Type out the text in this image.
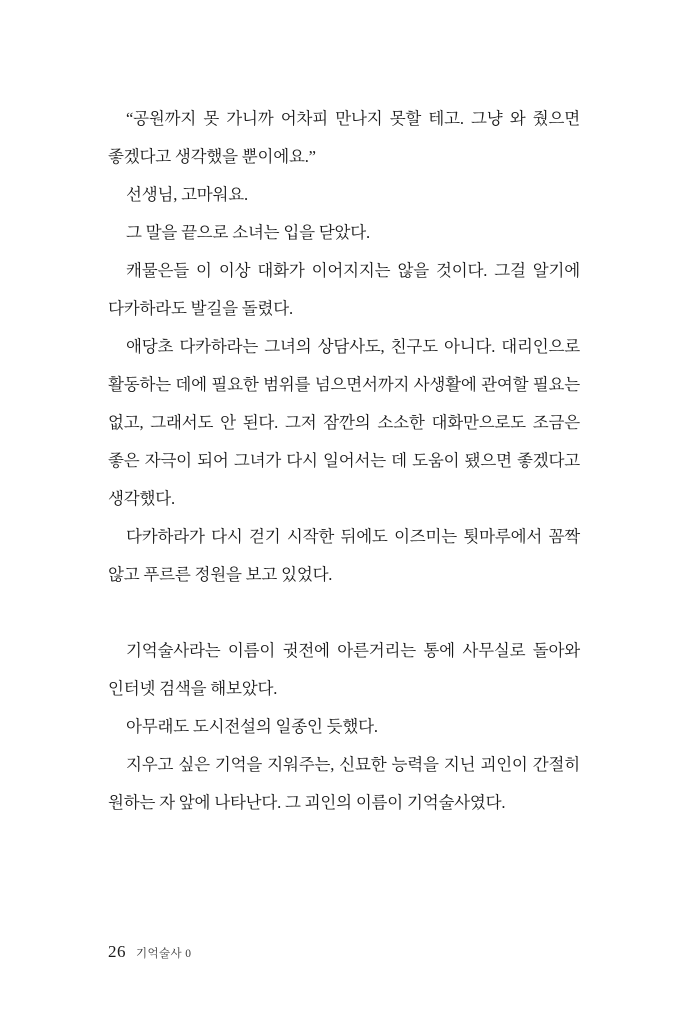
“공원까지 못 가니까 어차피 만나지 못할 테고. 그냥 와 줬으면 좋겠다고 생각했을 뿐이에요.”

선생님, 고마워요.

그 말을 끝으로 소녀는 입을 닫았다.

캐물은들 이 이상 대화가 이어지지는 않을 것이다. 그걸 알기에 다카하라도 발길을 돌렸다.

애당초 다카하라는 그녀의 상담사도, 친구도 아니다. 대리인으로 활동하는 데에 필요한 범위를 넘으면서까지 사생활에 관여할 필요는 없고, 그래서도 안 된다. 그저 잠깐의 소소한 대화만으로도 조금은 좋은 자극이 되어 그녀가 다시 일어서는 데 도움이 됐으면 좋겠다고 생각했다.

다카하라가 다시 걷기 시작한 뒤에도 이즈미는 툇마루에서 꼼짝 않고 푸르른 정원을 보고 있었다.

기억술사라는 이름이 귓전에 아른거리는 통에 사무실로 돌아와 인터넷 검색을 해보았다.

아무래도 도시전설의 일종인 듯했다.

지우고 싶은 기억을 지워주는, 신묘한 능력을 지닌 괴인이 간절히 원하는 자 앞에 나타난다. 그 괴인의 이름이 기억술사였다.

26 기억술사 0
